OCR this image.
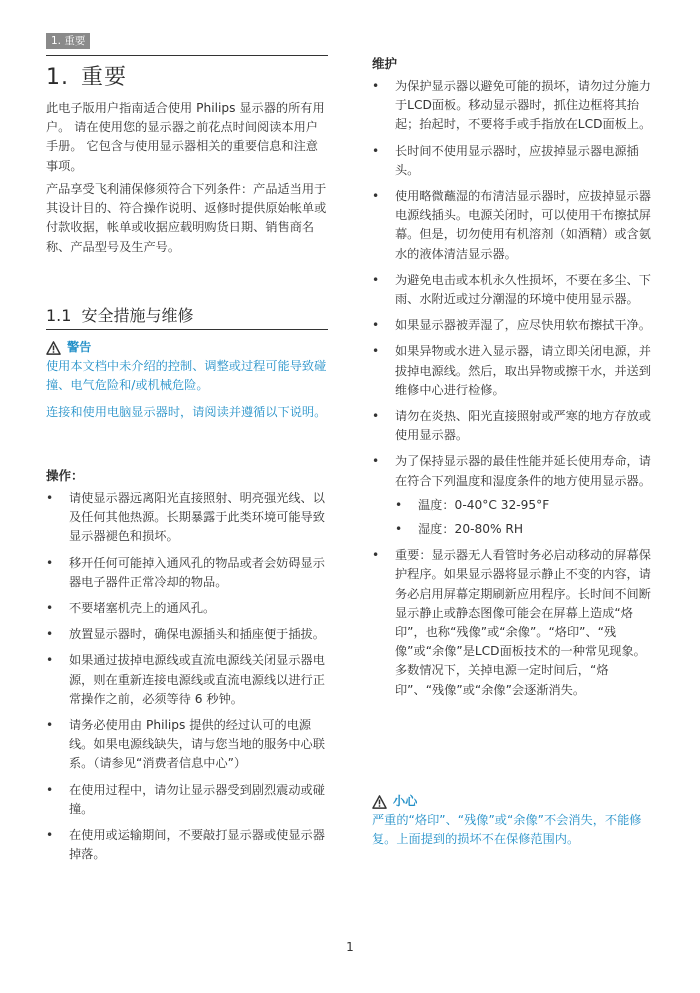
1. 重要
1. 重要

此电子版用户指南适合使用 Philips 显示器的所有用户。 请在使用您的显示器之前花点时间阅读本用户手册。 它包含与使用显示器相关的重要信息和注意事项。

产品享受飞利浦保修须符合下列条件：产品适当用于其设计目的、符合操作说明、返修时提供原始帐单或付款收据，帐单或收据应载明购货日期、销售商名称、产品型号及生产号。

1.1 安全措施与维修
警告

使用本文档中未介绍的控制、调整或过程可能导致碰撞、电气危险和/或机械危险。

连接和使用电脑显示器时，请阅读并遵循以下说明。

操作：
• 请使显示器远离阳光直接照射、明亮强光线、以及任何其他热源。长期暴露于此类环境可能导致显示器褪色和损坏。
• 移开任何可能掉入通风孔的物品或者会妨碍显示器电子器件正常冷却的物品。
• 不要堵塞机壳上的通风孔。
• 放置显示器时，确保电源插头和插座便于插拔。
• 如果通过拔掉电源线或直流电源线关闭显示器电源，则在重新连接电源线或直流电源线以进行正常操作之前，必须等待 6 秒钟。
• 请务必使用由 Philips 提供的经过认可的电源线。如果电源线缺失，请与您当地的服务中心联系。（请参见“消费者信息中心”）
• 在使用过程中，请勿让显示器受到剧烈震动或碰撞。
• 在使用或运输期间，不要敲打显示器或使显示器掉落。
维护
• 为保护显示器以避免可能的损坏，请勿过分施力于LCD面板。移动显示器时，抓住边框将其抬起；抬起时，不要将手或手指放在LCD面板上。
• 长时间不使用显示器时，应拔掉显示器电源插头。
• 使用略微蘸湿的布清洁显示器时，应拔掉显示器电源线插头。电源关闭时，可以使用干布擦拭屏幕。但是，切勿使用有机溶剂（如酒精）或含氨水的液体清洁显示器。
• 为避免电击或本机永久性损坏，不要在多尘、下雨、水附近或过分潮湿的环境中使用显示器。
• 如果显示器被弄湿了，应尽快用软布擦拭干净。
• 如果异物或水进入显示器，请立即关闭电源，并拔掉电源线。然后，取出异物或擦干水，并送到维修中心进行检修。
• 请勿在炎热、阳光直接照射或严寒的地方存放或使用显示器。
• 为了保持显示器的最佳性能并延长使用寿命，请在符合下列温度和湿度条件的地方使用显示器。
• 温度：0-40°C 32-95°F
• 湿度：20-80% RH
• 重要：显示器无人看管时务必启动移动的屏幕保护程序。如果显示器将显示静止不变的内容，请务必启用屏幕定期刷新应用程序。长时间不间断显示静止或静态图像可能会在屏幕上造成“烙印”，也称“残像”或“余像”。“烙印”、“残像”或“余像”是LCD面板技术的一种常见现象。多数情况下，关掉电源一定时间后，“烙印”、“残像”或“余像”会逐渐消失。
小心

严重的“烙印”、“残像”或“余像”不会消失，不能修复。上面提到的损坏不在保修范围内。

1
